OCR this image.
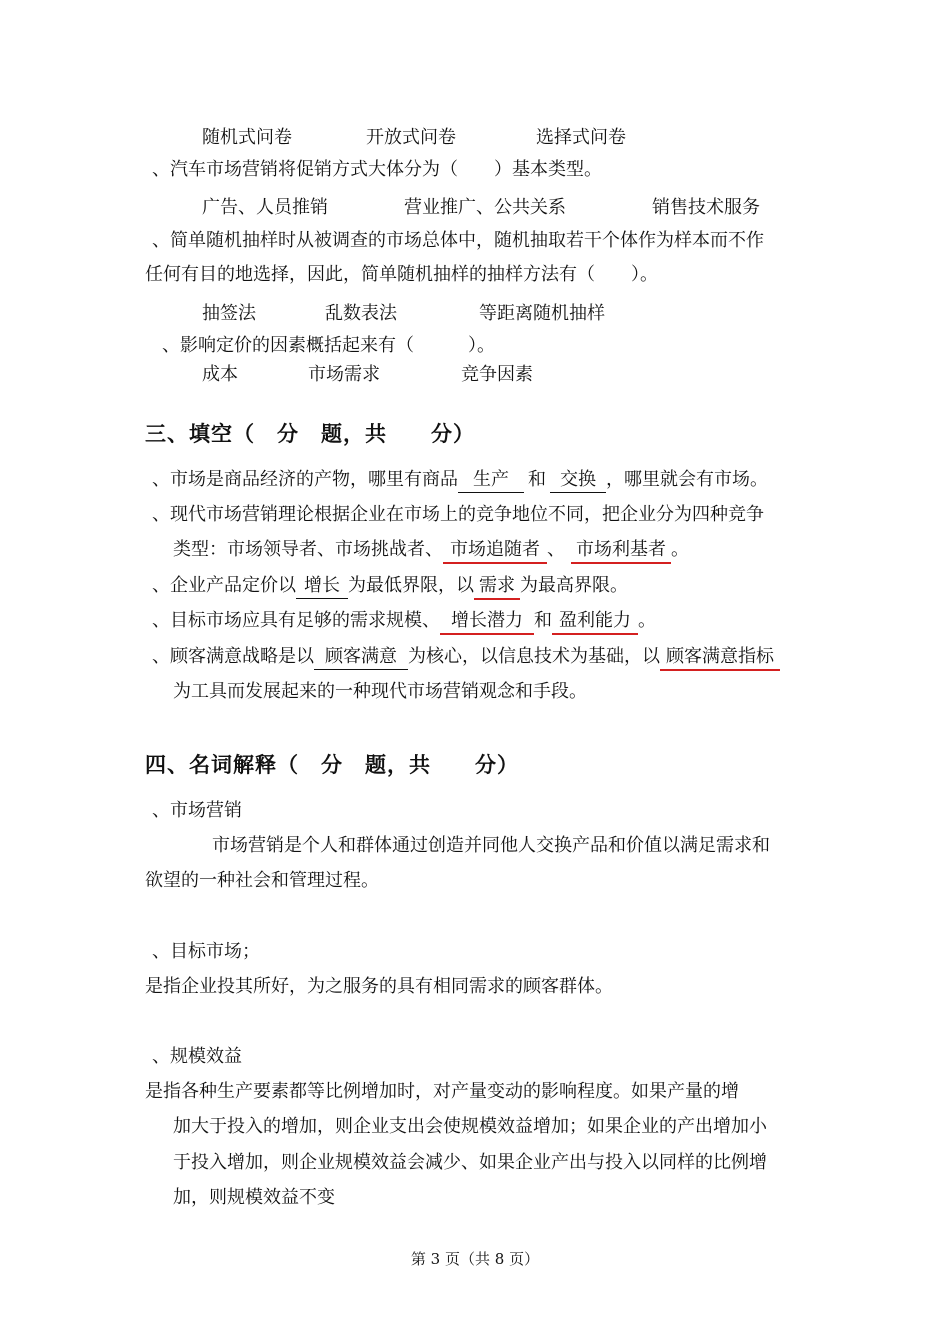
随机式问卷	开放式问卷	选择式问卷
、汽车市场营销将促销方式大体分为（　　）基本类型。
广告、人员推销	营业推广、公共关系	销售技术服务
、简单随机抽样时从被调查的市场总体中，随机抽取若干个体作为样本而不作
任何有目的地选择，因此，简单随机抽样的抽样方法有（　　）。
抽签法	乱数表法	等距离随机抽样
、影响定价的因素概括起来有（　　　）。
成本	市场需求	竞争因素
三、填空（　分　题，共　　分）
、市场是商品经济的产物，哪里有商品 生产 和 交换 ，哪里就会有市场。
、现代市场营销理论根据企业在市场上的竞争地位不同，把企业分为四种竞争
类型：市场领导者、市场挑战者、 市场追随者 、 市场利基者 。
、企业产品定价以 增长 为最低界限，以 需求 为最高界限。
、目标市场应具有足够的需求规模、 增长潜力 和 盈利能力 。
、顾客满意战略是以 顾客满意 为核心，以信息技术为基础，以 顾客满意指标
为工具而发展起来的一种现代市场营销观念和手段。
四、名词解释（　分　题，共　　分）
、市场营销
市场营销是个人和群体通过创造并同他人交换产品和价值以满足需求和
欲望的一种社会和管理过程。
、目标市场；
是指企业投其所好，为之服务的具有相同需求的顾客群体。
、规模效益
是指各种生产要素都等比例增加时，对产量变动的影响程度。如果产量的增
加大于投入的增加，则企业支出会使规模效益增加；如果企业的产出增加小
于投入增加，则企业规模效益会减少、如果企业产出与投入以同样的比例增
加，则规模效益不变
第 3 页（共 8 页）
